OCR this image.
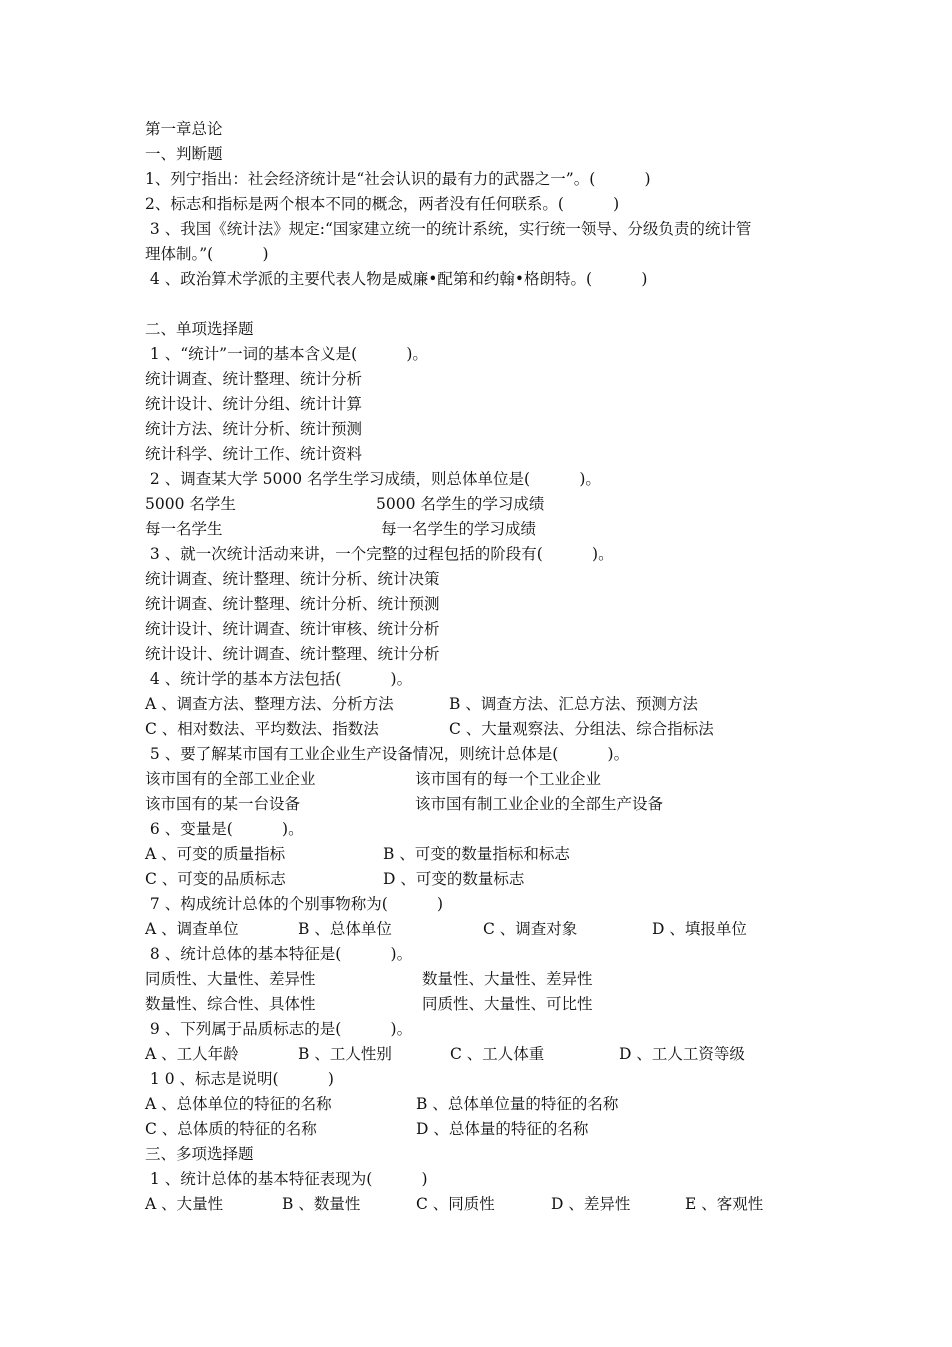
第一章总论
一、判断题
1、列宁指出：社会经济统计是“社会认识的最有力的武器之一”。(          )
2、标志和指标是两个根本不同的概念，两者没有任何联系。(          )
3 、我国《统计法》规定:“国家建立统一的统计系统，实行统一领导、分级负责的统计管
理体制。”(          )
4 、政治算术学派的主要代表人物是威廉•配第和约翰•格朗特。(          )
二、单项选择题
1 、“统计”一词的基本含义是(          )。
统计调查、统计整理、统计分析
统计设计、统计分组、统计计算
统计方法、统计分析、统计预测
统计科学、统计工作、统计资料
2 、调查某大学 5000 名学生学习成绩，则总体单位是(          )。
5000 名学生	5000 名学生的学习成绩
每一名学生	每一名学生的学习成绩
3 、就一次统计活动来讲，一个完整的过程包括的阶段有(          )。
统计调查、统计整理、统计分析、统计决策
统计调查、统计整理、统计分析、统计预测
统计设计、统计调查、统计审核、统计分析
统计设计、统计调查、统计整理、统计分析
4 、统计学的基本方法包括(          )。
A 、调查方法、整理方法、分析方法	B 、调查方法、汇总方法、预测方法
C 、相对数法、平均数法、指数法	C 、大量观察法、分组法、综合指标法
5 、要了解某市国有工业企业生产设备情况，则统计总体是(          )。
该市国有的全部工业企业	该市国有的每一个工业企业
该市国有的某一台设备	该市国有制工业企业的全部生产设备
6 、变量是(          )。
A 、可变的质量指标	B 、可变的数量指标和标志
C 、可变的品质标志	D 、可变的数量标志
7 、构成统计总体的个别事物称为(          )
A 、调查单位	B 、总体单位	C 、调查对象	D 、填报单位
8 、统计总体的基本特征是(          )。
同质性、大量性、差异性	数量性、大量性、差异性
数量性、综合性、具体性	同质性、大量性、可比性
9 、下列属于品质标志的是(          )。
A 、工人年龄	B 、工人性别	C 、工人体重	D 、工人工资等级
1 0 、标志是说明(          )
A 、总体单位的特征的名称	B 、总体单位量的特征的名称
C 、总体质的特征的名称	D 、总体量的特征的名称
三、多项选择题
1 、统计总体的基本特征表现为(          )
A 、大量性	B 、数量性	C 、同质性	D 、差异性	E 、客观性
